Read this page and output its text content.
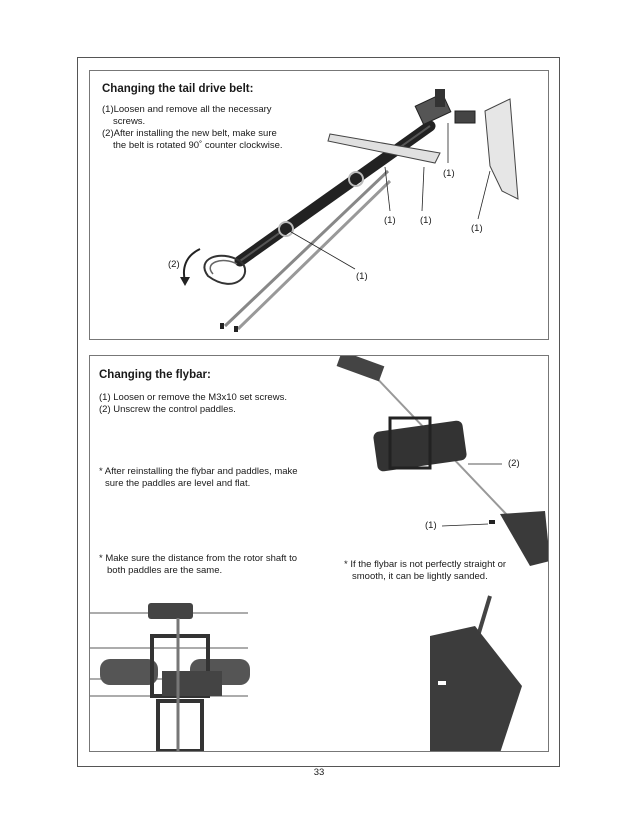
Changing the tail drive belt:
(1)Loosen and remove all the necessary
screws.
(2)After installing the new belt, make sure
the belt is rotated 90˚ counter clockwise.
(1)
(1)	(1)
(1)
(1)
(2)
Changing the flybar:
(1) Loosen or remove the M3x10 set screws.
(2) Unscrew the control paddles.
* After reinstalling the flybar and paddles, make
sure the paddles are level and flat.
* Make sure the distance from the rotor shaft to
both paddles are the same.
* If the flybar is not perfectly straight or
smooth, it can be lightly sanded.
(2)
(1)
33
